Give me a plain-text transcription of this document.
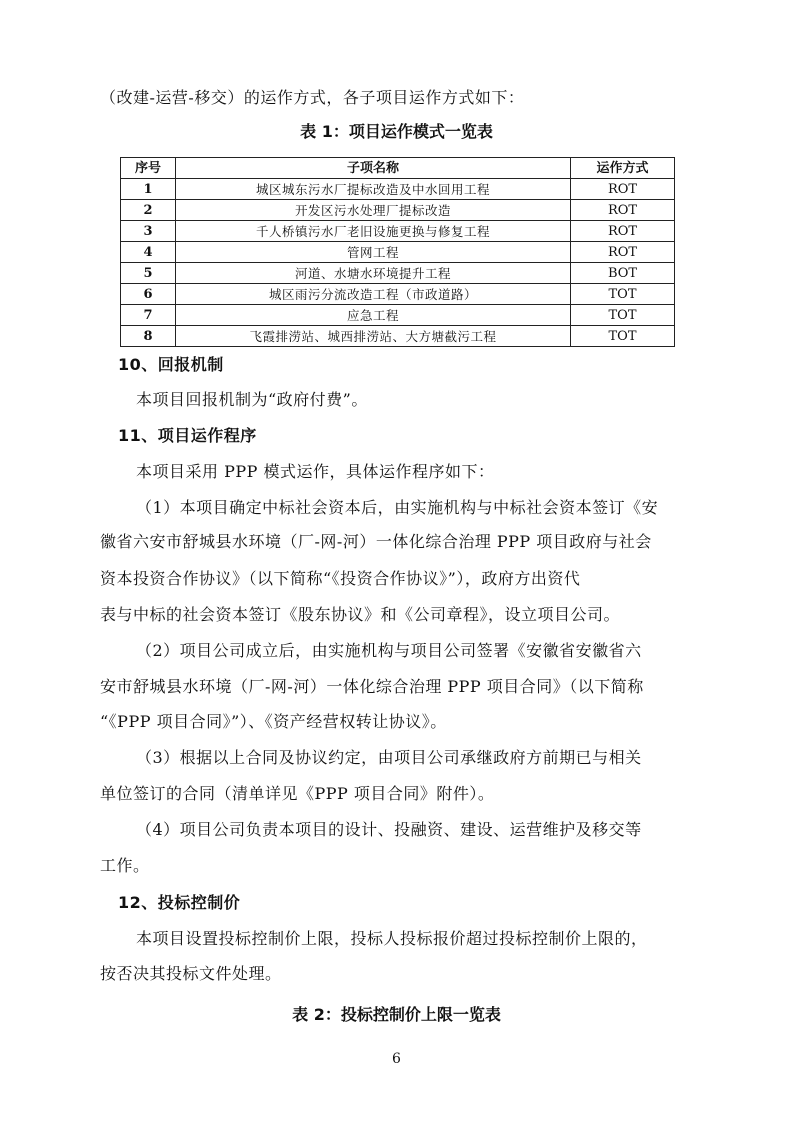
（改建-运营-移交）的运作方式，各子项目运作方式如下：
表 1：项目运作模式一览表
序号	子项名称	运作方式
1	城区城东污水厂提标改造及中水回用工程	ROT
2	开发区污水处理厂提标改造	ROT
3	千人桥镇污水厂老旧设施更换与修复工程	ROT
4	管网工程	ROT
5	河道、水塘水环境提升工程	BOT
6	城区雨污分流改造工程（市政道路）	TOT
7	应急工程	TOT
8	飞霞排涝站、城西排涝站、大方塘截污工程	TOT
10、回报机制
本项目回报机制为“政府付费”。
11、项目运作程序
本项目采用 PPP 模式运作，具体运作程序如下：
（1）本项目确定中标社会资本后，由实施机构与中标社会资本签订《安
徽省六安市舒城县水环境（厂-网-河）一体化综合治理 PPP 项目政府与社会
资本投资合作协议》（以下简称“《投资合作协议》”），政府方出资代
表与中标的社会资本签订《股东协议》和《公司章程》，设立项目公司。
（2）项目公司成立后，由实施机构与项目公司签署《安徽省安徽省六
安市舒城县水环境（厂-网-河）一体化综合治理 PPP 项目合同》（以下简称
“《PPP 项目合同》”）、《资产经营权转让协议》。
（3）根据以上合同及协议约定，由项目公司承继政府方前期已与相关
单位签订的合同（清单详见《PPP 项目合同》附件）。
（4）项目公司负责本项目的设计、投融资、建设、运营维护及移交等
工作。
12、投标控制价
本项目设置投标控制价上限，投标人投标报价超过投标控制价上限的，
按否决其投标文件处理。
表 2：投标控制价上限一览表
6
